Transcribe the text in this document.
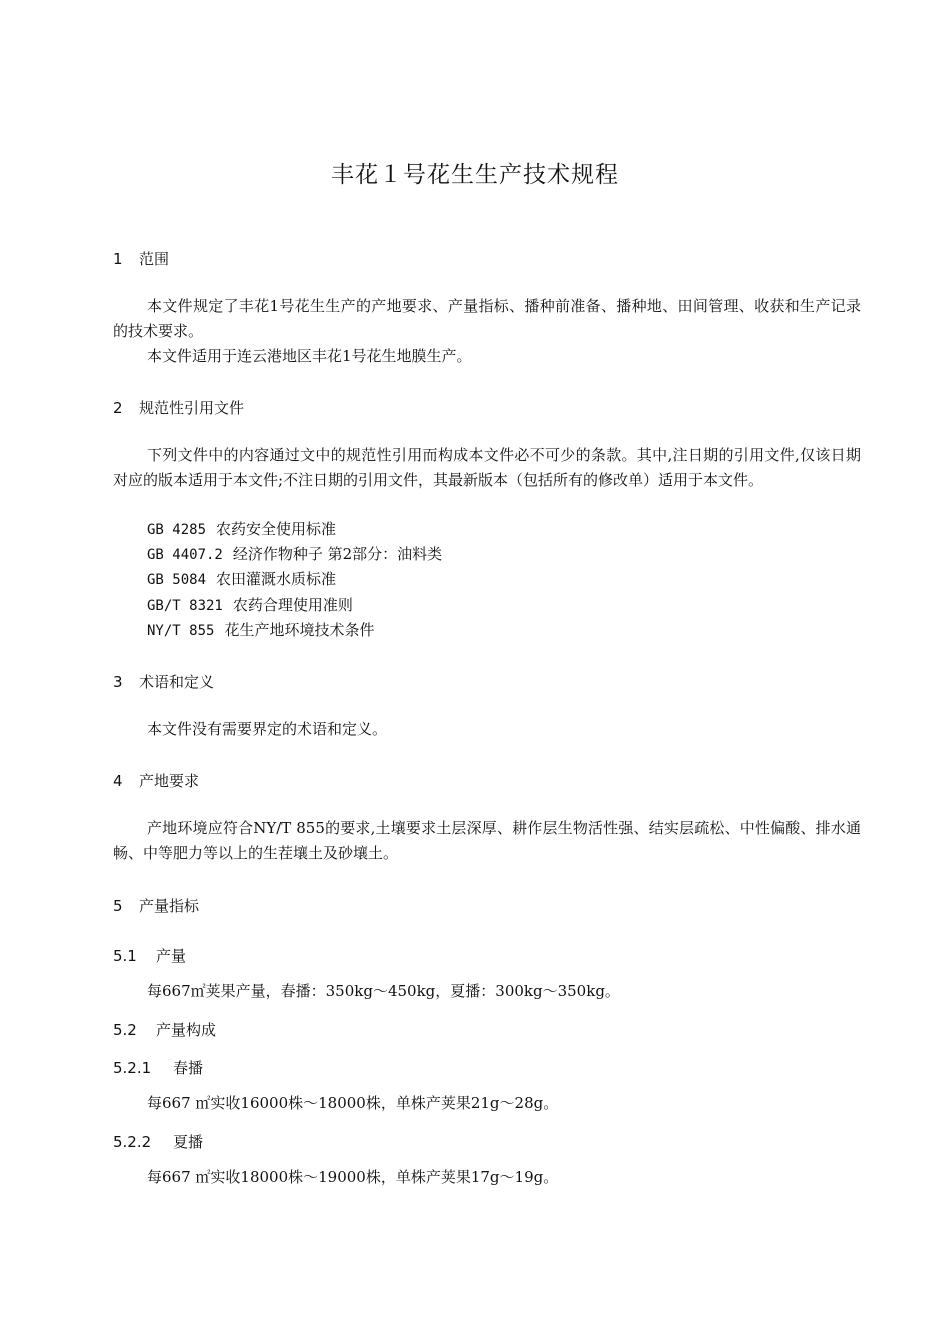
丰花１号花生生产技术规程
1 范围
本文件规定了丰花1号花生生产的产地要求、产量指标、播种前准备、播种地、田间管理、收获和生产记录的技术要求。
本文件适用于连云港地区丰花1号花生地膜生产。
2 规范性引用文件
下列文件中的内容通过文中的规范性引用而构成本文件必不可少的条款。其中,注日期的引用文件,仅该日期对应的版本适用于本文件;不注日期的引用文件，其最新版本（包括所有的修改单）适用于本文件。
GB 4285 农药安全使用标准
GB 4407.2 经济作物种子 第2部分：油料类
GB 5084 农田灌溉水质标准
GB/T 8321 农药合理使用准则
NY/T 855 花生产地环境技术条件
3 术语和定义
本文件没有需要界定的术语和定义。
4 产地要求
产地环境应符合NY/T 855的要求,土壤要求土层深厚、耕作层生物活性强、结实层疏松、中性偏酸、排水通畅、中等肥力等以上的生茬壤土及砂壤土。
5 产量指标
5.1 产量
每667㎡荚果产量，春播：350kg～450kg，夏播：300kg～350kg。
5.2 产量构成
5.2.1 春播
每667 ㎡实收16000株～18000株，单株产荚果21g～28g。
5.2.2 夏播
每667 ㎡实收18000株～19000株，单株产荚果17g～19g。
